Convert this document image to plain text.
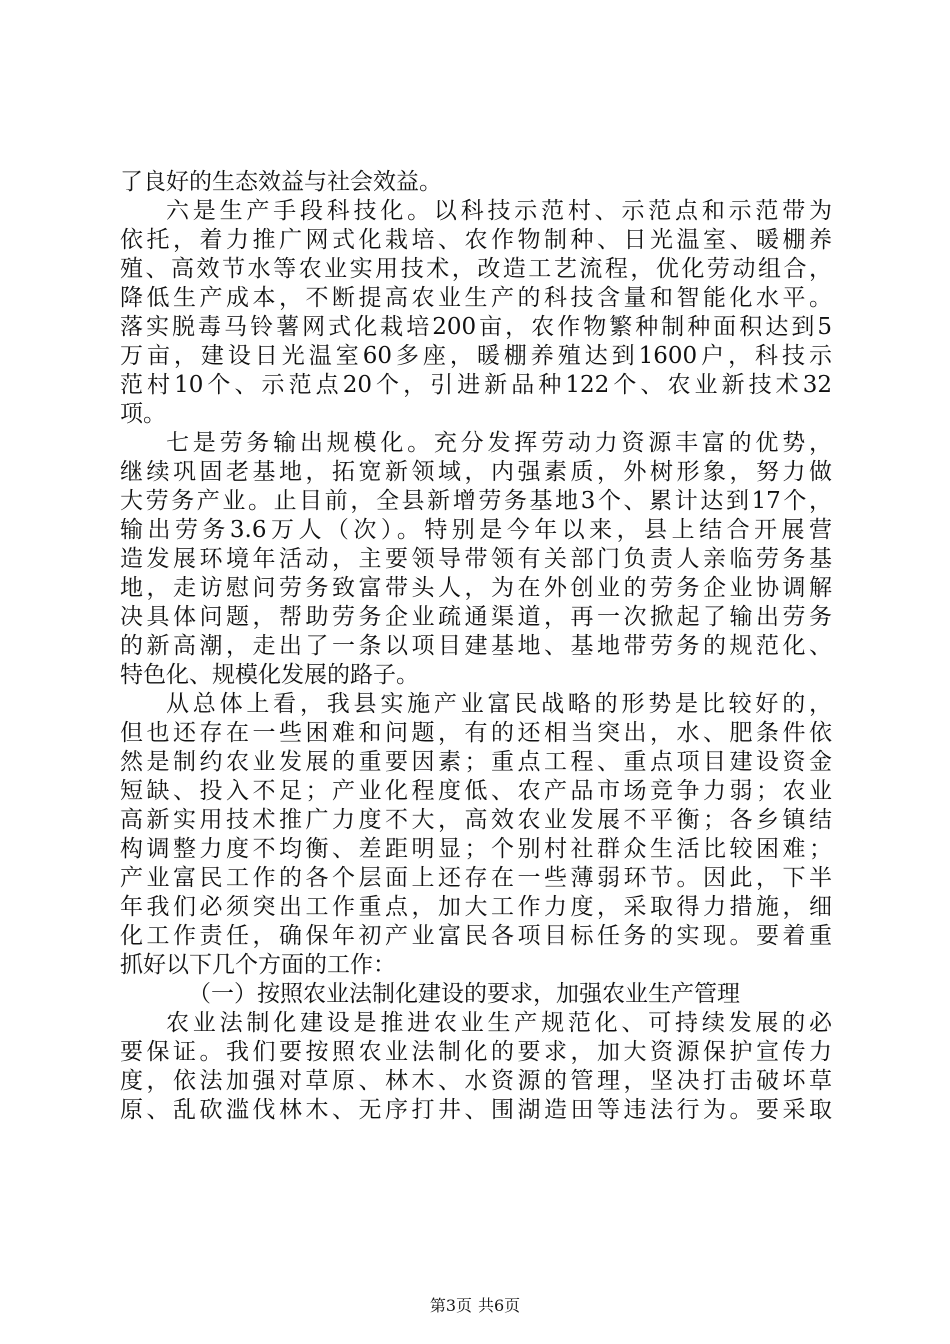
了良好的生态效益与社会效益。
六是生产手段科技化。以科技示范村、示范点和示范带为
依托，着力推广网式化栽培、农作物制种、日光温室、暖棚养
殖、高效节水等农业实用技术，改造工艺流程，优化劳动组合，
降低生产成本，不断提高农业生产的科技含量和智能化水平。
落实脱毒马铃薯网式化栽培200亩，农作物繁种制种面积达到5
万亩，建设日光温室60多座，暖棚养殖达到1600户，科技示
范村10个、示范点20个，引进新品种122个、农业新技术32
项。
七是劳务输出规模化。充分发挥劳动力资源丰富的优势，
继续巩固老基地，拓宽新领域，内强素质，外树形象，努力做
大劳务产业。止目前，全县新增劳务基地3个、累计达到17个，
输出劳务3.6万人（次）。特别是今年以来，县上结合开展营
造发展环境年活动，主要领导带领有关部门负责人亲临劳务基
地，走访慰问劳务致富带头人，为在外创业的劳务企业协调解
决具体问题，帮助劳务企业疏通渠道，再一次掀起了输出劳务
的新高潮，走出了一条以项目建基地、基地带劳务的规范化、
特色化、规模化发展的路子。
从总体上看，我县实施产业富民战略的形势是比较好的，
但也还存在一些困难和问题，有的还相当突出，水、肥条件依
然是制约农业发展的重要因素；重点工程、重点项目建设资金
短缺、投入不足；产业化程度低、农产品市场竞争力弱；农业
高新实用技术推广力度不大，高效农业发展不平衡；各乡镇结
构调整力度不均衡、差距明显；个别村社群众生活比较困难；
产业富民工作的各个层面上还存在一些薄弱环节。因此，下半
年我们必须突出工作重点，加大工作力度，采取得力措施，细
化工作责任，确保年初产业富民各项目标任务的实现。要着重
抓好以下几个方面的工作：
（一）按照农业法制化建设的要求，加强农业生产管理
农业法制化建设是推进农业生产规范化、可持续发展的必
要保证。我们要按照农业法制化的要求，加大资源保护宣传力
度，依法加强对草原、林木、水资源的管理，坚决打击破坏草
原、乱砍滥伐林木、无序打井、围湖造田等违法行为。要采取
第3页 共6页
